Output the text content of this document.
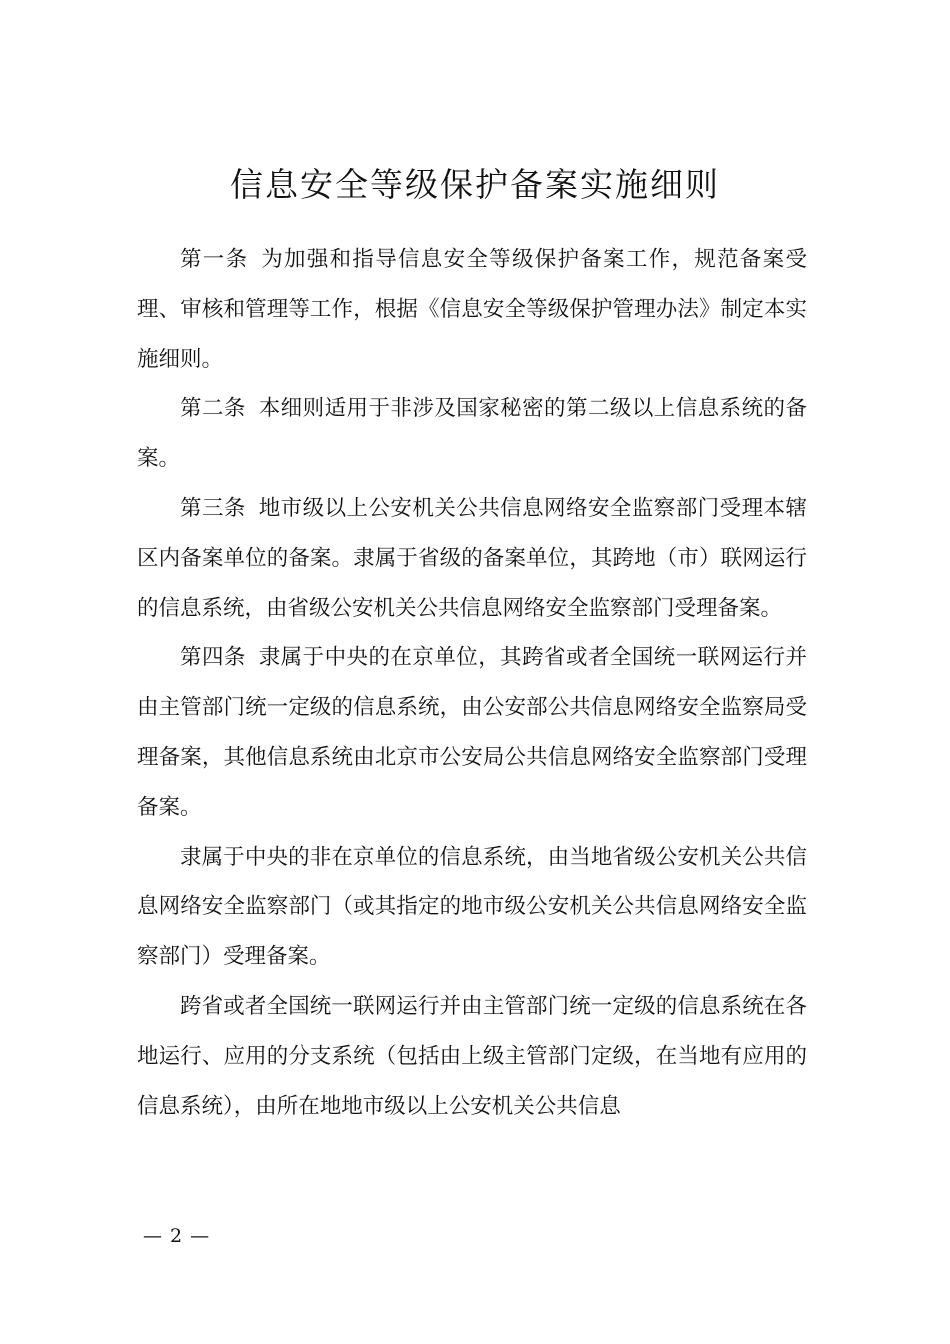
信息安全等级保护备案实施细则

第一条 为加强和指导信息安全等级保护备案工作，规范备案受理、审核和管理等工作，根据《信息安全等级保护管理办法》制定本实施细则。

第二条 本细则适用于非涉及国家秘密的第二级以上信息系统的备案。

第三条 地市级以上公安机关公共信息网络安全监察部门受理本辖区内备案单位的备案。隶属于省级的备案单位，其跨地（市）联网运行的信息系统，由省级公安机关公共信息网络安全监察部门受理备案。

第四条 隶属于中央的在京单位，其跨省或者全国统一联网运行并由主管部门统一定级的信息系统，由公安部公共信息网络安全监察局受理备案，其他信息系统由北京市公安局公共信息网络安全监察部门受理备案。

隶属于中央的非在京单位的信息系统，由当地省级公安机关公共信息网络安全监察部门（或其指定的地市级公安机关公共信息网络安全监察部门）受理备案。

跨省或者全国统一联网运行并由主管部门统一定级的信息系统在各地运行、应用的分支系统（包括由上级主管部门定级，在当地有应用的信息系统），由所在地地市级以上公安机关公共信息

— 2 —
